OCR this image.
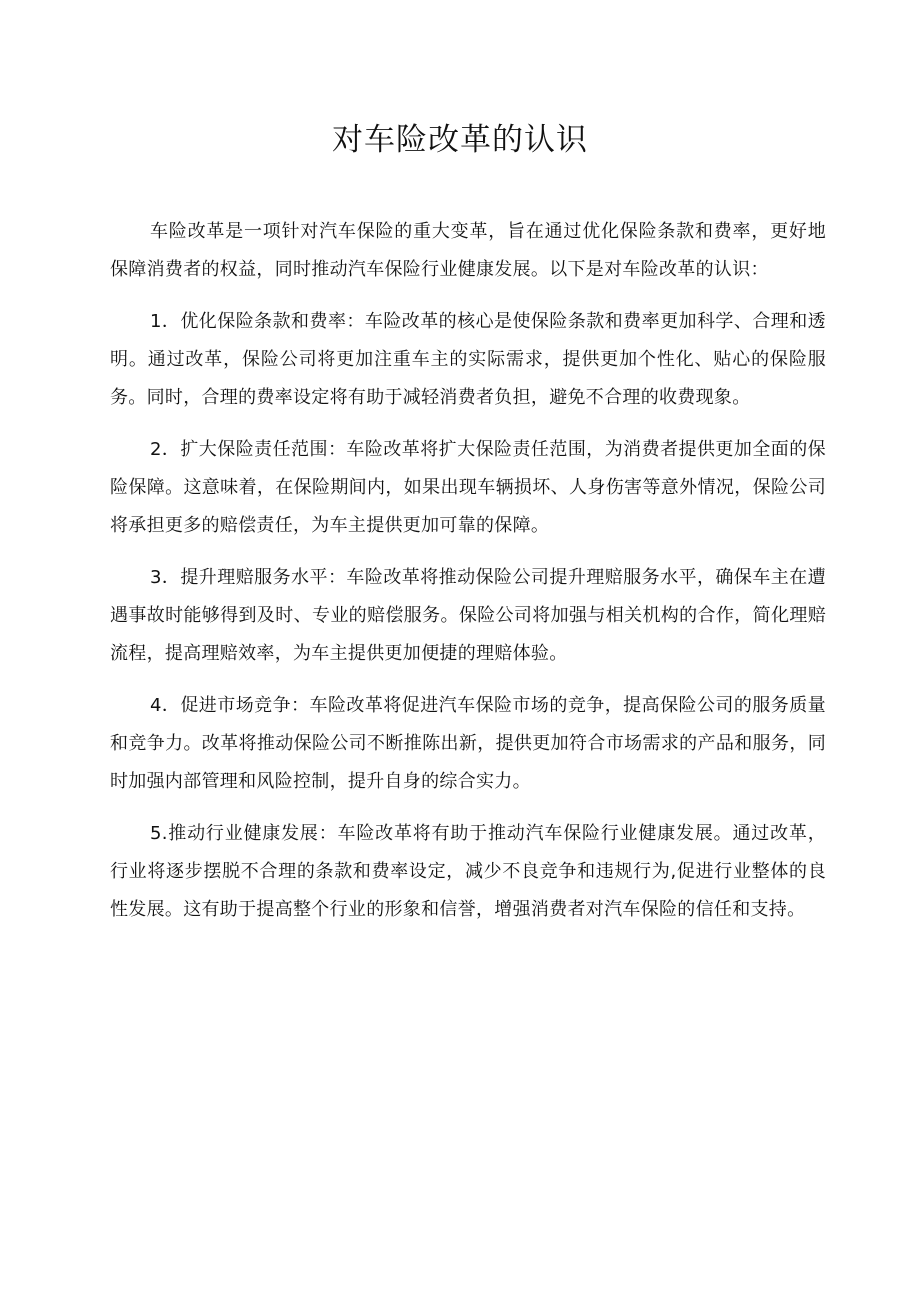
对车险改革的认识

车险改革是一项针对汽车保险的重大变革，旨在通过优化保险条款和费率，更好地保障消费者的权益，同时推动汽车保险行业健康发展。以下是对车险改革的认识：

1．优化保险条款和费率：车险改革的核心是使保险条款和费率更加科学、合理和透明。通过改革，保险公司将更加注重车主的实际需求，提供更加个性化、贴心的保险服务。同时，合理的费率设定将有助于减轻消费者负担，避免不合理的收费现象。

2．扩大保险责任范围：车险改革将扩大保险责任范围，为消费者提供更加全面的保险保障。这意味着，在保险期间内，如果出现车辆损坏、人身伤害等意外情况，保险公司将承担更多的赔偿责任，为车主提供更加可靠的保障。

3．提升理赔服务水平：车险改革将推动保险公司提升理赔服务水平，确保车主在遭遇事故时能够得到及时、专业的赔偿服务。保险公司将加强与相关机构的合作，简化理赔流程，提高理赔效率，为车主提供更加便捷的理赔体验。

4．促进市场竞争：车险改革将促进汽车保险市场的竞争，提高保险公司的服务质量和竞争力。改革将推动保险公司不断推陈出新，提供更加符合市场需求的产品和服务，同时加强内部管理和风险控制，提升自身的综合实力。

5.推动行业健康发展：车险改革将有助于推动汽车保险行业健康发展。通过改革，行业将逐步摆脱不合理的条款和费率设定，减少不良竞争和违规行为,促进行业整体的良性发展。这有助于提高整个行业的形象和信誉，增强消费者对汽车保险的信任和支持。
